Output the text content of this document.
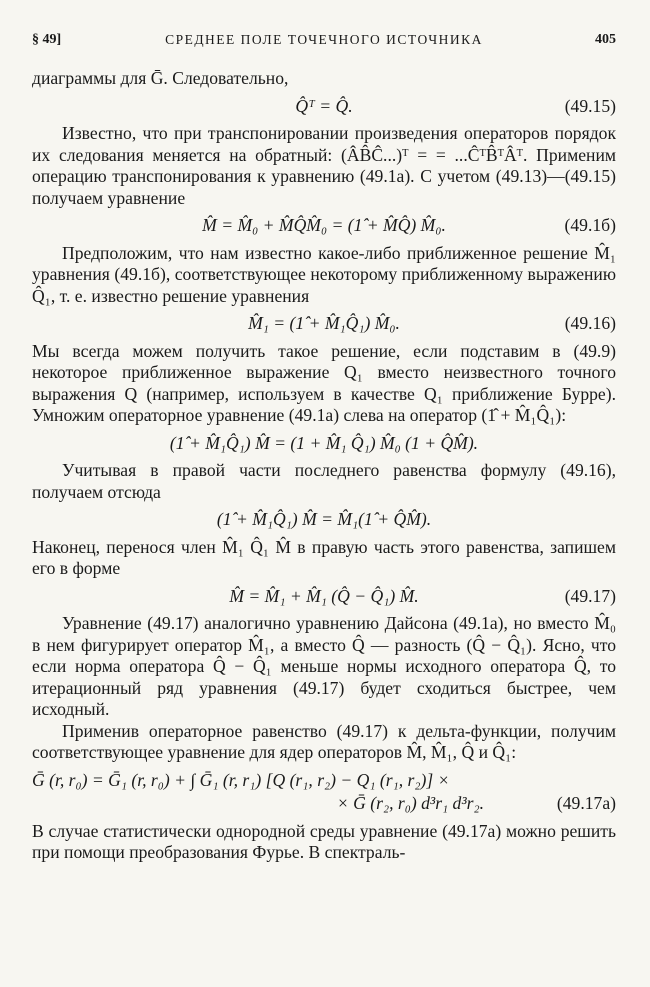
§ 49]	СРЕДНЕЕ ПОЛЕ ТОЧЕЧНОГО ИСТОЧНИКА	405

диаграммы для Ḡ. Следовательно,

Q̂ᵀ = Q̂.	(49.15)

Известно, что при транспонировании произведения операторов порядок их следования меняется на обратный: (ÂB̂Ĉ...)ᵀ = = ...ĈᵀB̂ᵀÂᵀ. Применим операцию транспонирования к уравнению (49.1а). С учетом (49.13)—(49.15) получаем уравнение

M̂ = M̂₀ + M̂Q̂M̂₀ = (1̂ + M̂Q̂) M̂₀.	(49.1б)

Предположим, что нам известно какое-либо приближенное решение M̂₁ уравнения (49.1б), соответствующее некоторому приближенному выражению Q̂₁, т. е. известно решение уравнения

M̂₁ = (1̂ + M̂₁Q̂₁) M̂₀.	(49.16)

Мы всегда можем получить такое решение, если подставим в (49.9) некоторое приближенное выражение Q₁ вместо неизвестного точного выражения Q (например, используем в качестве Q₁ приближение Бурре). Умножим операторное уравнение (49.1а) слева на оператор (1̂ + M̂₁Q̂₁):

(1̂ + M̂₁Q̂₁) M̂ = (1 + M̂₁ Q̂₁) M̂₀ (1 + Q̂M̂).

Учитывая в правой части последнего равенства формулу (49.16), получаем отсюда

(1̂ + M̂₁Q̂₁) M̂ = M̂₁(1̂ + Q̂M̂).

Наконец, перенося член M̂₁ Q̂₁ M̂ в правую часть этого равенства, запишем его в форме

M̂ = M̂₁ + M̂₁ (Q̂ − Q̂₁) M̂.	(49.17)

Уравнение (49.17) аналогично уравнению Дайсона (49.1а), но вместо M̂₀ в нем фигурирует оператор M̂₁, а вместо Q̂ — разность (Q̂ − Q̂₁). Ясно, что если норма оператора Q̂ − Q̂₁ меньше нормы исходного оператора Q̂, то итерационный ряд уравнения (49.17) будет сходиться быстрее, чем исходный.

Применив операторное равенство (49.17) к дельта-функции, получим соответствующее уравнение для ядер операторов M̂, M̂₁, Q̂ и Q̂₁:

Ḡ (r, r₀) = Ḡ₁ (r, r₀) + ∫ Ḡ₁ (r, r₁) [Q (r₁, r₂) − Q₁ (r₁, r₂)] ×
× Ḡ (r₂, r₀) d³r₁ d³r₂.	(49.17а)

В случае статистически однородной среды уравнение (49.17а) можно решить при помощи преобразования Фурье. В спектраль-
